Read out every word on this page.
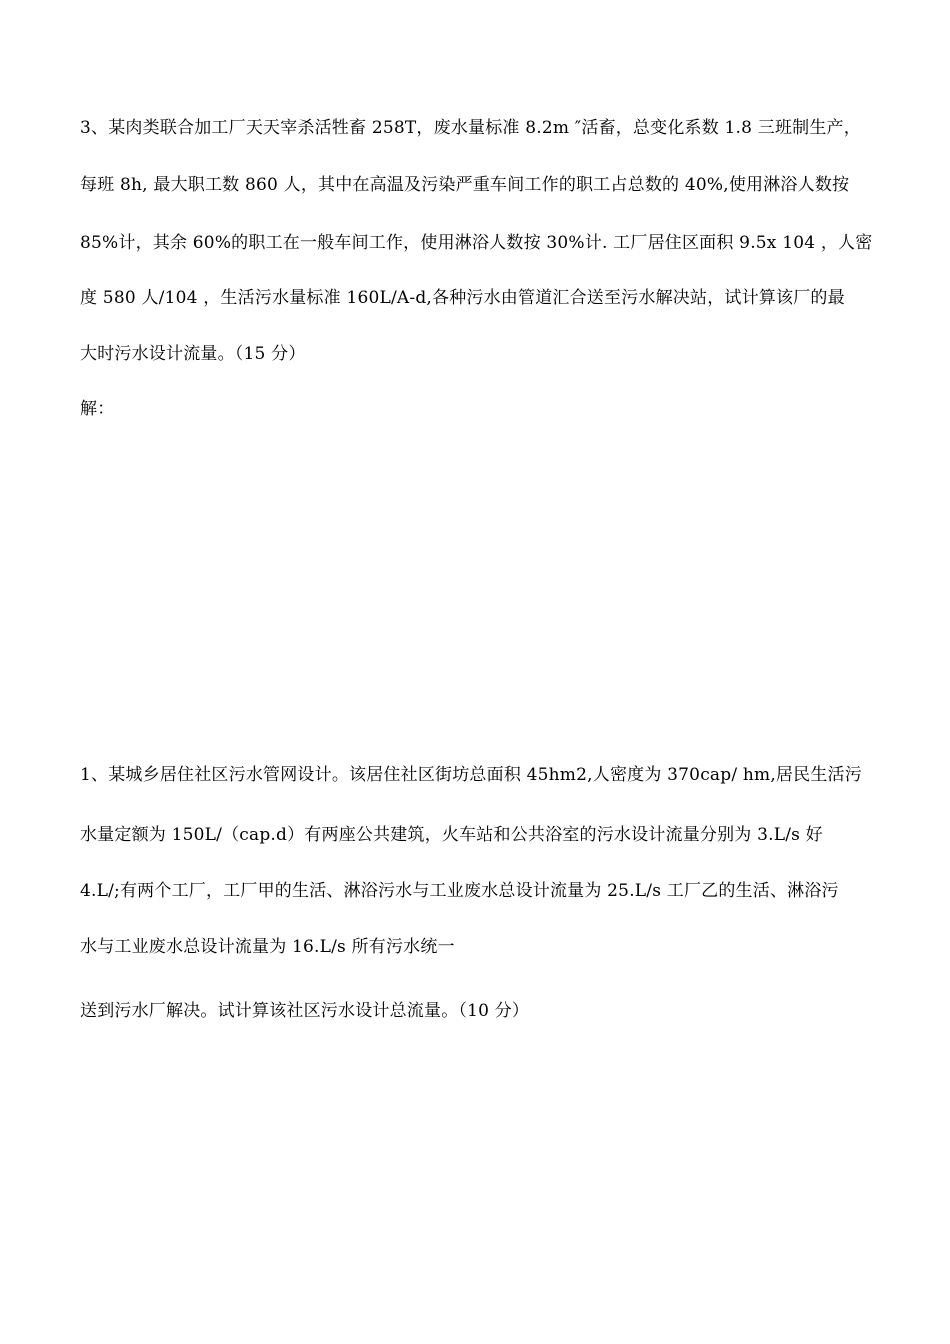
3、某肉类联合加工厂天天宰杀活牲畜 258T，废水量标准 8.2m ″活畜，总变化系数 1.8 三班制生产，
每班 8h, 最大职工数 860 人，其中在高温及污染严重车间工作的职工占总数的 40%,使用淋浴人数按
85%计，其余 60%的职工在一般车间工作，使用淋浴人数按 30%计. 工厂居住区面积 9.5x 104 ，人密
度 580 人/104 ，生活污水量标准 160L/A-d,各种污水由管道汇合送至污水解决站，试计算该厂的最
大时污水设计流量。（15 分）
解：
1、某城乡居住社区污水管网设计。该居住社区街坊总面积 45hm2,人密度为 370cap/ hm,居民生活污
水量定额为 150L/（cap.d）有两座公共建筑，火车站和公共浴室的污水设计流量分别为 3.L/s 好
4.L/;有两个工厂，工厂甲的生活、淋浴污水与工业废水总设计流量为 25.L/s 工厂乙的生活、淋浴污
水与工业废水总设计流量为 16.L/s 所有污水统一
送到污水厂解决。试计算该社区污水设计总流量。（10 分）
